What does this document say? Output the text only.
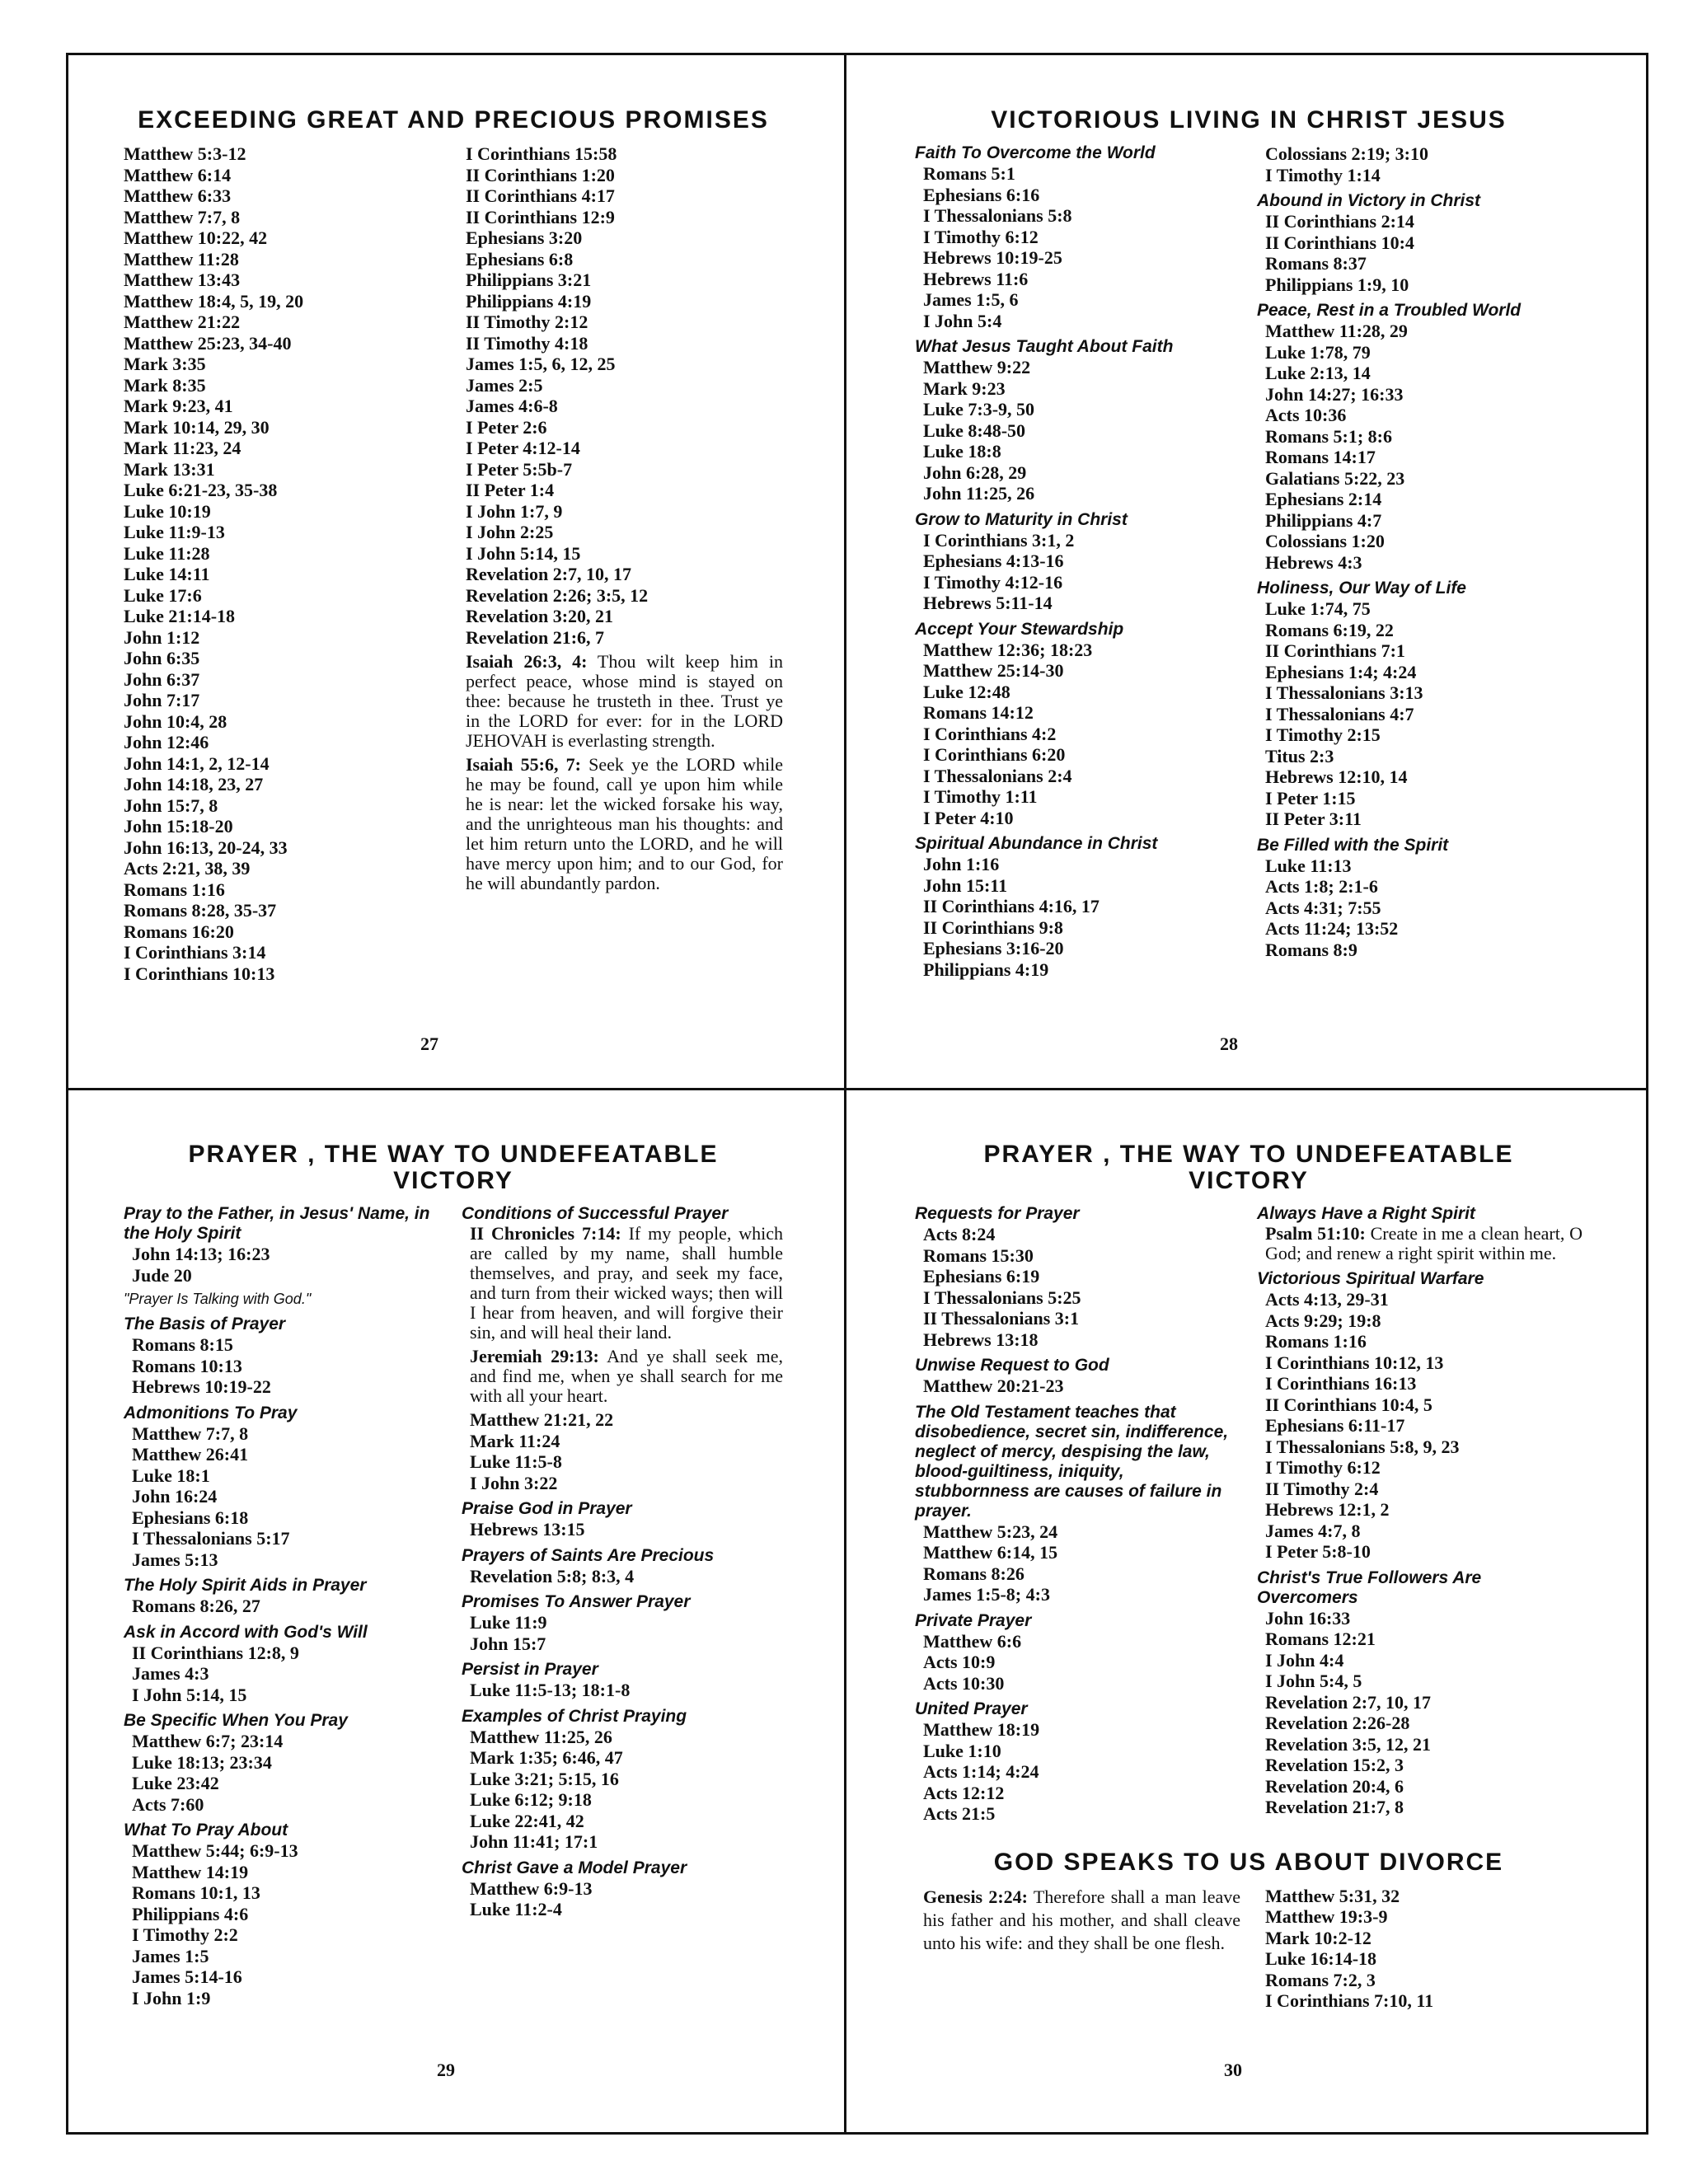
EXCEEDING GREAT AND PRECIOUS PROMISES
Matthew 5:3-12
Matthew 6:14
Matthew 6:33
Matthew 7:7, 8
Matthew 10:22, 42
Matthew 11:28
Matthew 13:43
Matthew 18:4, 5, 19, 20
Matthew 21:22
Matthew 25:23, 34-40
Mark 3:35
Mark 8:35
Mark 9:23, 41
Mark 10:14, 29, 30
Mark 11:23, 24
Mark 13:31
Luke 6:21-23, 35-38
Luke 10:19
Luke 11:9-13
Luke 11:28
Luke 14:11
Luke 17:6
Luke 21:14-18
John 1:12
John 6:35
John 6:37
John 7:17
John 10:4, 28
John 12:46
John 14:1, 2, 12-14
John 14:18, 23, 27
John 15:7, 8
John 15:18-20
John 16:13, 20-24, 33
Acts 2:21, 38, 39
Romans 1:16
Romans 8:28, 35-37
Romans 16:20
I Corinthians 3:14
I Corinthians 10:13
I Corinthians 15:58
II Corinthians 1:20
II Corinthians 4:17
II Corinthians 12:9
Ephesians 3:20
Ephesians 6:8
Philippians 3:21
Philippians 4:19
II Timothy 2:12
II Timothy 4:18
James 1:5, 6, 12, 25
James 2:5
James 4:6-8
I Peter 2:6
I Peter 4:12-14
I Peter 5:5b-7
II Peter 1:4
I John 1:7, 9
I John 2:25
I John 5:14, 15
Revelation 2:7, 10, 17
Revelation 2:26; 3:5, 12
Revelation 3:20, 21
Revelation 21:6, 7
Isaiah 26:3, 4: Thou wilt keep him in perfect peace, whose mind is stayed on thee: because he trusteth in thee. Trust ye in the LORD for ever: for in the LORD JEHOVAH is everlasting strength.
Isaiah 55:6, 7: Seek ye the LORD while he may be found, call ye upon him while he is near: let the wicked forsake his way, and the unrighteous man his thoughts: and let him return unto the LORD, and he will have mercy upon him; and to our God, for he will abundantly pardon.
27
VICTORIOUS LIVING IN CHRIST JESUS
Faith To Overcome the World
Romans 5:1
Ephesians 6:16
I Thessalonians 5:8
I Timothy 6:12
Hebrews 10:19-25
Hebrews 11:6
James 1:5, 6
I John 5:4
What Jesus Taught About Faith
Matthew 9:22
Mark 9:23
Luke 7:3-9, 50
Luke 8:48-50
Luke 18:8
John 6:28, 29
John 11:25, 26
Grow to Maturity in Christ
I Corinthians 3:1, 2
Ephesians 4:13-16
I Timothy 4:12-16
Hebrews 5:11-14
Accept Your Stewardship
Matthew 12:36; 18:23
Matthew 25:14-30
Luke 12:48
Romans 14:12
I Corinthians 4:2
I Corinthians 6:20
I Thessalonians 2:4
I Timothy 1:11
I Peter 4:10
Spiritual Abundance in Christ
John 1:16
John 15:11
II Corinthians 4:16, 17
II Corinthians 9:8
Ephesians 3:16-20
Philippians 4:19
Colossians 2:19; 3:10
I Timothy 1:14
Abound in Victory in Christ
II Corinthians 2:14
II Corinthians 10:4
Romans 8:37
Philippians 1:9, 10
Peace, Rest in a Troubled World
Matthew 11:28, 29
Luke 1:78, 79
Luke 2:13, 14
John 14:27; 16:33
Acts 10:36
Romans 5:1; 8:6
Romans 14:17
Galatians 5:22, 23
Ephesians 2:14
Philippians 4:7
Colossians 1:20
Hebrews 4:3
Holiness, Our Way of Life
Luke 1:74, 75
Romans 6:19, 22
II Corinthians 7:1
Ephesians 1:4; 4:24
I Thessalonians 3:13
I Thessalonians 4:7
I Timothy 2:15
Titus 2:3
Hebrews 12:10, 14
I Peter 1:15
II Peter 3:11
Be Filled with the Spirit
Luke 11:13
Acts 1:8; 2:1-6
Acts 4:31; 7:55
Acts 11:24; 13:52
Romans 8:9
28
PRAYER , THE WAY TO UNDEFEATABLE VICTORY
Pray to the Father, in Jesus' Name, in the Holy Spirit
John 14:13; 16:23
Jude 20
"Prayer Is Talking with God."
The Basis of Prayer
Romans 8:15
Romans 10:13
Hebrews 10:19-22
Admonitions To Pray
Matthew 7:7, 8
Matthew 26:41
Luke 18:1
John 16:24
Ephesians 6:18
I Thessalonians 5:17
James 5:13
The Holy Spirit Aids in Prayer
Romans 8:26, 27
Ask in Accord with God's Will
II Corinthians 12:8, 9
James 4:3
I John 5:14, 15
Be Specific When You Pray
Matthew 6:7; 23:14
Luke 18:13; 23:34
Luke 23:42
Acts 7:60
What To Pray About
Matthew 5:44; 6:9-13
Matthew 14:19
Romans 10:1, 13
Philippians 4:6
I Timothy 2:2
James 1:5
James 5:14-16
I John 1:9
Conditions of Successful Prayer
II Chronicles 7:14: If my people, which are called by my name, shall humble themselves, and pray, and seek my face, and turn from their wicked ways; then will I hear from heaven, and will forgive their sin, and will heal their land.
Jeremiah 29:13: And ye shall seek me, and find me, when ye shall search for me with all your heart.
Matthew 21:21, 22
Mark 11:24
Luke 11:5-8
I John 3:22
Praise God in Prayer
Hebrews 13:15
Prayers of Saints Are Precious
Revelation 5:8; 8:3, 4
Promises To Answer Prayer
Luke 11:9
John 15:7
Persist in Prayer
Luke 11:5-13; 18:1-8
Examples of Christ Praying
Matthew 11:25, 26
Mark 1:35; 6:46, 47
Luke 3:21; 5:15, 16
Luke 6:12; 9:18
Luke 22:41, 42
John 11:41; 17:1
Christ Gave a Model Prayer
Matthew 6:9-13
Luke 11:2-4
29
PRAYER , THE WAY TO UNDEFEATABLE VICTORY
Requests for Prayer
Acts 8:24
Romans 15:30
Ephesians 6:19
I Thessalonians 5:25
II Thessalonians 3:1
Hebrews 13:18
Unwise Request to God
Matthew 20:21-23
The Old Testament teaches that disobedience, secret sin, indifference, neglect of mercy, despising the law, blood-guiltiness, iniquity, stubbornness are causes of failure in prayer.
Matthew 5:23, 24
Matthew 6:14, 15
Romans 8:26
James 1:5-8; 4:3
Private Prayer
Matthew 6:6
Acts 10:9
Acts 10:30
United Prayer
Matthew 18:19
Luke 1:10
Acts 1:14; 4:24
Acts 12:12
Acts 21:5
Always Have a Right Spirit
Psalm 51:10: Create in me a clean heart, O God; and renew a right spirit within me.
Victorious Spiritual Warfare
Acts 4:13, 29-31
Acts 9:29; 19:8
Romans 1:16
I Corinthians 10:12, 13
I Corinthians 16:13
II Corinthians 10:4, 5
Ephesians 6:11-17
I Thessalonians 5:8, 9, 23
I Timothy 6:12
II Timothy 2:4
Hebrews 12:1, 2
James 4:7, 8
I Peter 5:8-10
Christ's True Followers Are Overcomers
John 16:33
Romans 12:21
I John 4:4
I John 5:4, 5
Revelation 2:7, 10, 17
Revelation 2:26-28
Revelation 3:5, 12, 21
Revelation 15:2, 3
Revelation 20:4, 6
Revelation 21:7, 8
GOD SPEAKS TO US ABOUT DIVORCE
Genesis 2:24: Therefore shall a man leave his father and his mother, and shall cleave unto his wife: and they shall be one flesh.
Matthew 5:31, 32
Matthew 19:3-9
Mark 10:2-12
Luke 16:14-18
Romans 7:2, 3
I Corinthians 7:10, 11
30
